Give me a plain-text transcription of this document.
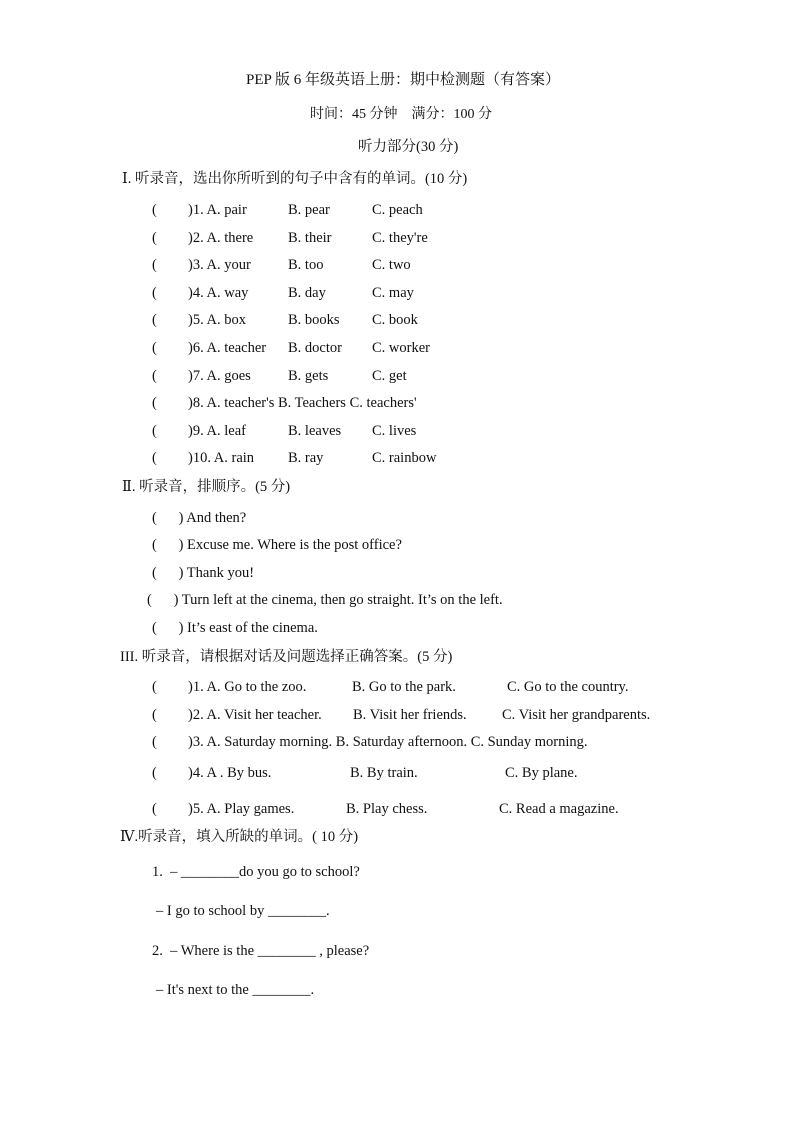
PEP 版 6 年级英语上册：期中检测题（有答案）
时间：45 分钟    满分：100 分
听力部分(30 分)
Ⅰ. 听录音，选出你所听到的句子中含有的单词。(10 分)
( )1. A. pair	B. pear	C. peach
( )2. A. there B. their	C. they're
( )3. A. your	B. too	C. two
( )4. A. way	B. day	C. may
( )5. A. box	B. books C. book
( )6. A. teacher B. doctor C. worker
( )7. A. goes	B. gets	C. get
( )8. A. teacher's B. Teachers C. teachers'
( )9. A. leaf	B. leaves C. lives
( )10. A. rain B. ray	C. rainbow
Ⅱ. 听录音，排顺序。(5 分)
(      ) And then?
(      ) Excuse me. Where is the post office?
(      ) Thank you!
(      ) Turn left at the cinema, then go straight. It’s on the left.
(      ) It’s east of the cinema.
III. 听录音，请根据对话及问题选择正确答案。(5 分)
( )1. A. Go to the zoo.	B. Go to the park.	C. Go to the country.
( )2. A. Visit her teacher. B. Visit her friends. C. Visit her grandparents.
( )3. A. Saturday morning. B. Saturday afternoon. C. Sunday morning.
( )4. A . By bus.	B. By train.	C. By plane.
( )5. A. Play games.	B. Play chess.	C. Read a magazine.
Ⅳ.听录音，填入所缺的单词。( 10 分)
1.  – ________do you go to school?
– I go to school by ________.
2.  – Where is the ________ , please?
– It's next to the ________.
